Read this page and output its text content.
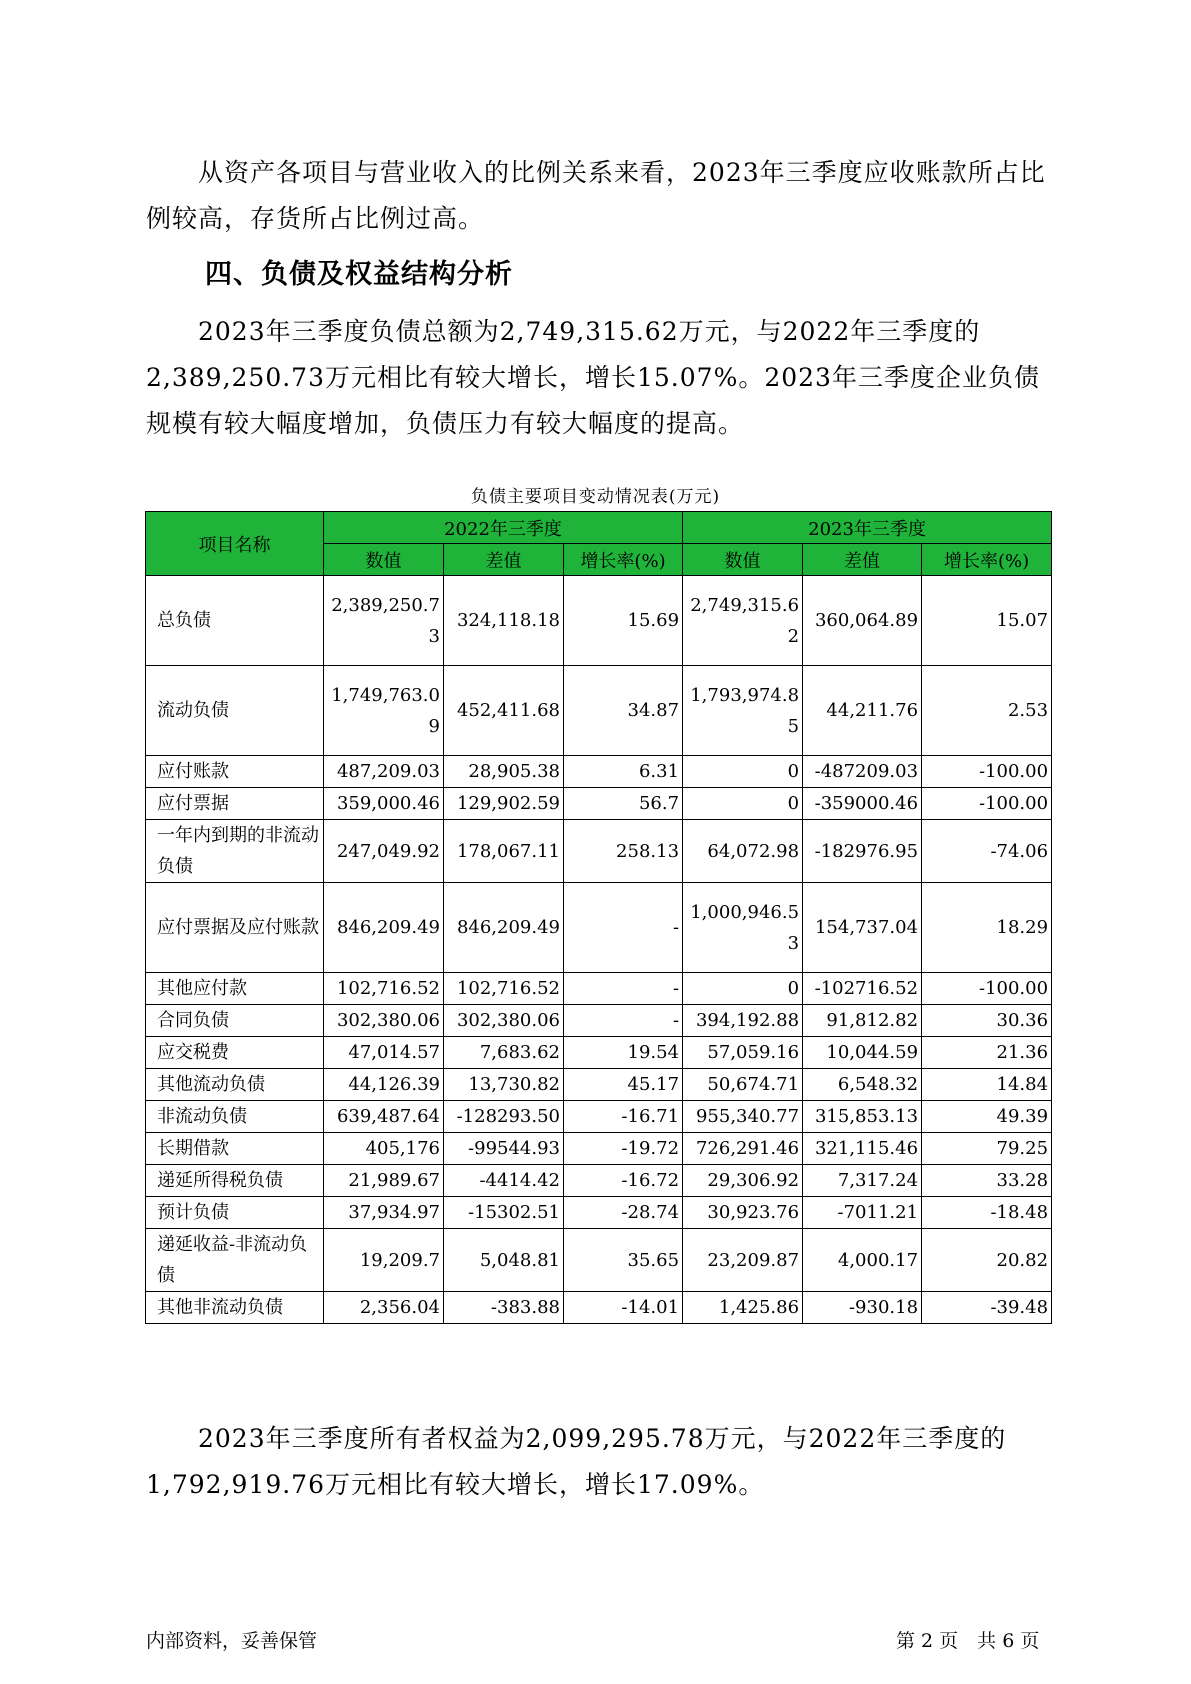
从资产各项目与营业收入的比例关系来看，2023年三季度应收账款所占比
例较高，存货所占比例过高。

四、负债及权益结构分析

2023年三季度负债总额为2,749,315.62万元，与2022年三季度的
2,389,250.73万元相比有较大增长，增长15.07%。2023年三季度企业负债
规模有较大幅度增加，负债压力有较大幅度的提高。

负债主要项目变动情况表(万元)
项目名称	2022年三季度			2023年三季度		
	数值	差值	增长率(%)	数值	差值	增长率(%)
总负债	2,389,250.73	324,118.18	15.69	2,749,315.62	360,064.89	15.07
流动负债	1,749,763.09	452,411.68	34.87	1,793,974.85	44,211.76	2.53
应付账款	487,209.03	28,905.38	6.31	0	-487209.03	-100.00
应付票据	359,000.46	129,902.59	56.7	0	-359000.46	-100.00
一年内到期的非流动负债	247,049.92	178,067.11	258.13	64,072.98	-182976.95	-74.06
应付票据及应付账款	846,209.49	846,209.49	-	1,000,946.53	154,737.04	18.29
其他应付款	102,716.52	102,716.52	-	0	-102716.52	-100.00
合同负债	302,380.06	302,380.06	-	394,192.88	91,812.82	30.36
应交税费	47,014.57	7,683.62	19.54	57,059.16	10,044.59	21.36
其他流动负债	44,126.39	13,730.82	45.17	50,674.71	6,548.32	14.84
非流动负债	639,487.64	-128293.50	-16.71	955,340.77	315,853.13	49.39
长期借款	405,176	-99544.93	-19.72	726,291.46	321,115.46	79.25
递延所得税负债	21,989.67	-4414.42	-16.72	29,306.92	7,317.24	33.28
预计负债	37,934.97	-15302.51	-28.74	30,923.76	-7011.21	-18.48
递延收益-非流动负债	19,209.7	5,048.81	35.65	23,209.87	4,000.17	20.82
其他非流动负债	2,356.04	-383.88	-14.01	1,425.86	-930.18	-39.48

2023年三季度所有者权益为2,099,295.78万元，与2022年三季度的
1,792,919.76万元相比有较大增长，增长17.09%。

内部资料，妥善保管	第 2 页　共 6 页
